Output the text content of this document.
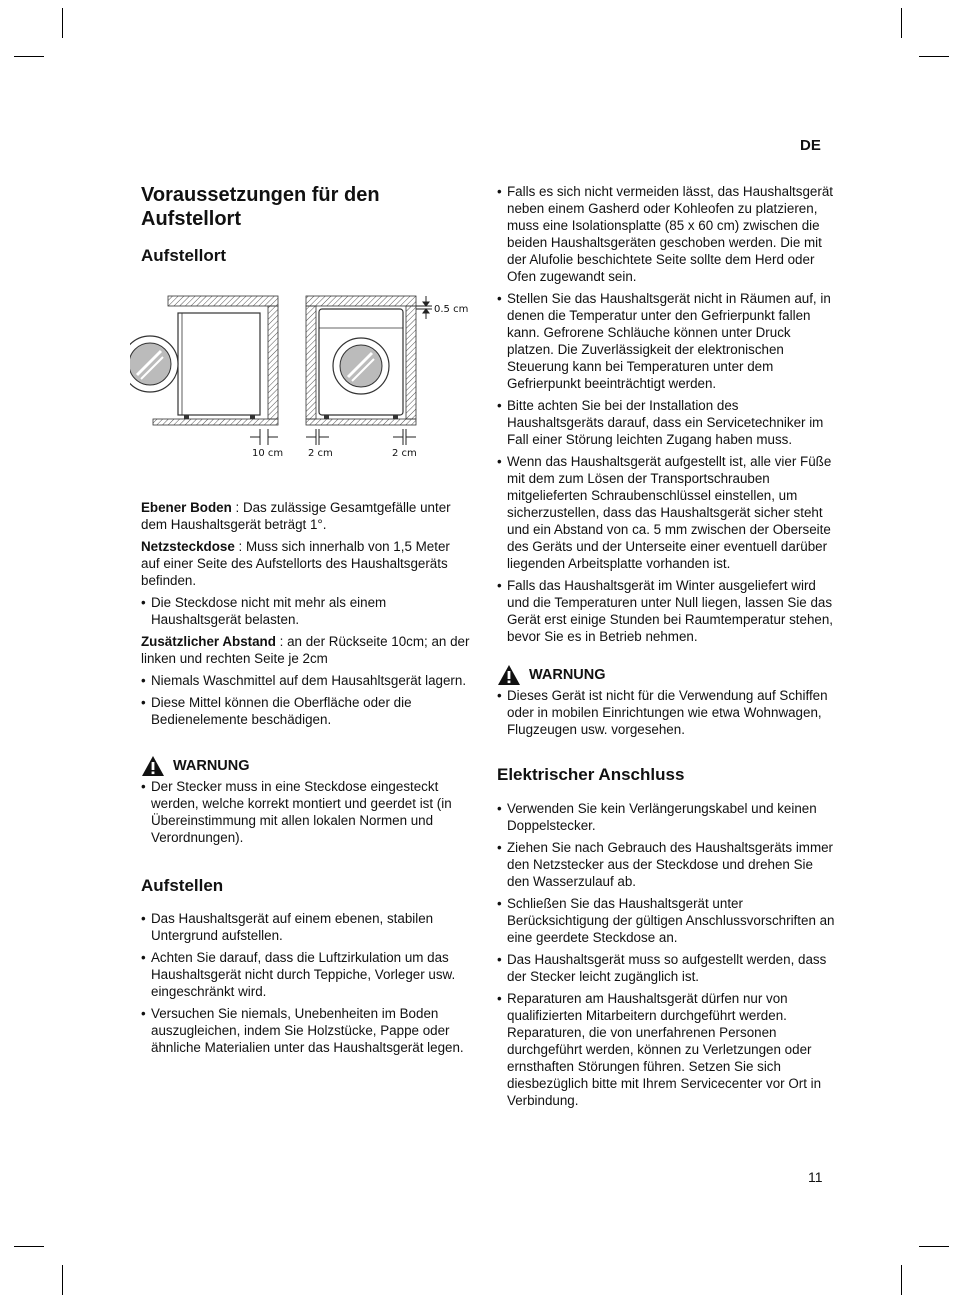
DE
11
Voraussetzungen für den Aufstellort
Aufstellort
0.5 cm
10 cm 2 cm	2 cm

Ebener Boden : Das zulässige Gesamtgefälle unter dem Haushaltsgerät beträgt 1°.

Netzsteckdose : Muss sich innerhalb von 1,5 Meter auf einer Seite des Aufstellorts des Haushaltsgeräts befinden.

• Die Steckdose nicht mit mehr als einem Haushaltsgerät belasten.

Zusätzlicher Abstand : an der Rückseite 10cm; an der linken und rechten Seite je 2cm

• Niemals Waschmittel auf dem Hausahltsgerät lagern.
• Diese Mittel können die Oberfläche oder die Bedienelemente beschädigen.
WARNUNG
• Der Stecker muss in eine Steckdose eingesteckt werden, welche korrekt montiert und geerdet ist (in Übereinstimmung mit allen lokalen Normen und Verordnungen).
Aufstellen
• Das Haushaltsgerät auf einem ebenen, stabilen Untergrund aufstellen.
• Achten Sie darauf, dass die Luftzirkulation um das Haushaltsgerät nicht durch Teppiche, Vorleger usw. eingeschränkt wird.
• Versuchen Sie niemals, Unebenheiten im Boden auszugleichen, indem Sie Holzstücke, Pappe oder ähnliche Materialien unter das Haushaltsgerät legen.
• Falls es sich nicht vermeiden lässt, das Haushaltsgerät neben einem Gasherd oder Kohleofen zu platzieren, muss eine Isolationsplatte (85 x 60 cm) zwischen die beiden Haushaltsgeräten geschoben werden. Die mit der Alufolie beschichtete Seite sollte dem Herd oder Ofen zugewandt sein.
• Stellen Sie das Haushaltsgerät nicht in Räumen auf, in denen die Temperatur unter den Gefrierpunkt fallen kann. Gefrorene Schläuche können unter Druck platzen. Die Zuverlässigkeit der elektronischen Steuerung kann bei Temperaturen unter dem Gefrierpunkt beeinträchtigt werden.
• Bitte achten Sie bei der Installation des Haushaltsgeräts darauf, dass ein Servicetechniker im Fall einer Störung leichten Zugang haben muss.
• Wenn das Haushaltsgerät aufgestellt ist, alle vier Füße mit dem zum Lösen der Transportschrauben mitgelieferten Schraubenschlüssel einstellen, um sicherzustellen, dass das Haushaltsgerät sicher steht und ein Abstand von ca. 5 mm zwischen der Oberseite des Geräts und der Unterseite einer eventuell darüber liegenden Arbeitsplatte vorhanden ist.
• Falls das Haushaltsgerät im Winter ausgeliefert wird und die Temperaturen unter Null liegen, lassen Sie das Gerät erst einige Stunden bei Raumtemperatur stehen, bevor Sie es in Betrieb nehmen.
WARNUNG
• Dieses Gerät ist nicht für die Verwendung auf Schiffen oder in mobilen Einrichtungen wie etwa Wohnwagen, Flugzeugen usw. vorgesehen.
Elektrischer Anschluss
• Verwenden Sie kein Verlängerungskabel und keinen Doppelstecker.
• Ziehen Sie nach Gebrauch des Haushaltsgeräts immer den Netzstecker aus der Steckdose und drehen Sie den Wasserzulauf ab.
• Schließen Sie das Haushaltsgerät unter Berücksichtigung der gültigen Anschlussvorschriften an eine geerdete Steckdose an.
• Das Haushaltsgerät muss so aufgestellt werden, dass der Stecker leicht zugänglich ist.
• Reparaturen am Haushaltsgerät dürfen nur von qualifizierten Mitarbeitern durchgeführt werden. Reparaturen, die von unerfahrenen Personen durchgeführt werden, können zu Verletzungen oder ernsthaften Störungen führen. Setzen Sie sich diesbezüglich bitte mit Ihrem Servicecenter vor Ort in Verbindung.
